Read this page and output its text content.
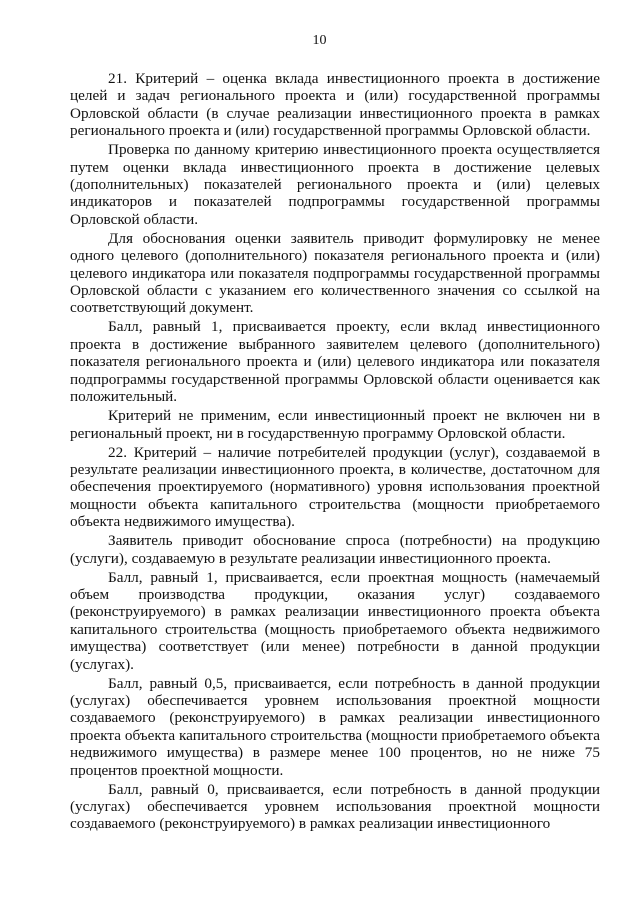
10

21. Критерий – оценка вклада инвестиционного проекта в достижение целей и задач регионального проекта и (или) государственной программы Орловской области (в случае реализации инвестиционного проекта в рамках регионального проекта и (или) государственной программы Орловской области.

Проверка по данному критерию инвестиционного проекта осуществляется путем оценки вклада инвестиционного проекта в достижение целевых (дополнительных) показателей регионального проекта и (или) целевых индикаторов и показателей подпрограммы государственной программы Орловской области.

Для обоснования оценки заявитель приводит формулировку не менее одного целевого (дополнительного) показателя регионального проекта и (или) целевого индикатора или показателя подпрограммы государственной программы Орловской области с указанием его количественного значения со ссылкой на соответствующий документ.

Балл, равный 1, присваивается проекту, если вклад инвестиционного проекта в достижение выбранного заявителем целевого (дополнительного) показателя регионального проекта и (или) целевого индикатора или показателя подпрограммы государственной программы Орловской области оценивается как положительный.

Критерий не применим, если инвестиционный проект не включен ни в региональный проект, ни в государственную программу Орловской области.

22. Критерий – наличие потребителей продукции (услуг), создаваемой в результате реализации инвестиционного проекта, в количестве, достаточном для обеспечения проектируемого (нормативного) уровня использования проектной мощности объекта капитального строительства (мощности приобретаемого объекта недвижимого имущества).

Заявитель приводит обоснование спроса (потребности) на продукцию (услуги), создаваемую в результате реализации инвестиционного проекта.

Балл, равный 1, присваивается, если проектная мощность (намечаемый объем производства продукции, оказания услуг) создаваемого (реконструируемого) в рамках реализации инвестиционного проекта объекта капитального строительства (мощность приобретаемого объекта недвижимого имущества) соответствует (или менее) потребности в данной продукции (услугах).

Балл, равный 0,5, присваивается, если потребность в данной продукции (услугах) обеспечивается уровнем использования проектной мощности создаваемого (реконструируемого) в рамках реализации инвестиционного проекта объекта капитального строительства (мощности приобретаемого объекта недвижимого имущества) в размере менее 100 процентов, но не ниже 75 процентов проектной мощности.

Балл, равный 0, присваивается, если потребность в данной продукции (услугах) обеспечивается уровнем использования проектной мощности создаваемого (реконструируемого) в рамках реализации инвестиционного
